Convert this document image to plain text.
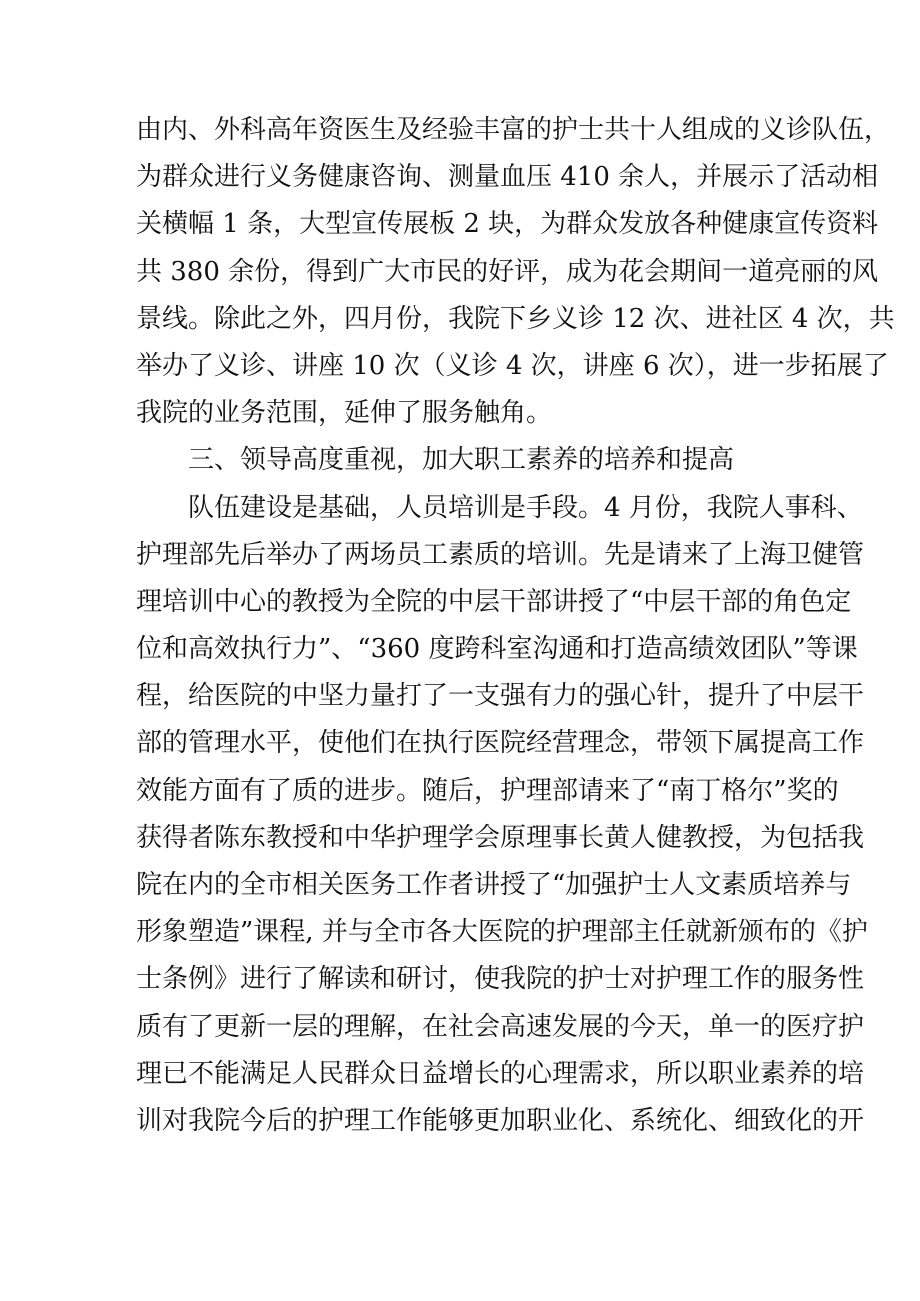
由内、外科高年资医生及经验丰富的护士共十人组成的义诊队伍，
为群众进行义务健康咨询、测量血压 410 余人，并展示了活动相
关横幅 1 条，大型宣传展板 2 块，为群众发放各种健康宣传资料
共 380 余份，得到广大市民的好评，成为花会期间一道亮丽的风
景线。除此之外，四月份，我院下乡义诊 12 次、进社区 4 次，共
举办了义诊、讲座 10 次（义诊 4 次，讲座 6 次），进一步拓展了
我院的业务范围，延伸了服务触角。
三、领导高度重视，加大职工素养的培养和提高
队伍建设是基础，人员培训是手段。4 月份，我院人事科、
护理部先后举办了两场员工素质的培训。先是请来了上海卫健管
理培训中心的教授为全院的中层干部讲授了“中层干部的角色定
位和高效执行力”、“360 度跨科室沟通和打造高绩效团队”等课
程，给医院的中坚力量打了一支强有力的强心针，提升了中层干
部的管理水平，使他们在执行医院经营理念，带领下属提高工作
效能方面有了质的进步。随后，护理部请来了“南丁格尔”奖的
获得者陈东教授和中华护理学会原理事长黄人健教授，为包括我
院在内的全市相关医务工作者讲授了“加强护士人文素质培养与
形象塑造”课程, 并与全市各大医院的护理部主任就新颁布的《护
士条例》进行了解读和研讨，使我院的护士对护理工作的服务性
质有了更新一层的理解，在社会高速发展的今天，单一的医疗护
理已不能满足人民群众日益增长的心理需求，所以职业素养的培
训对我院今后的护理工作能够更加职业化、系统化、细致化的开
